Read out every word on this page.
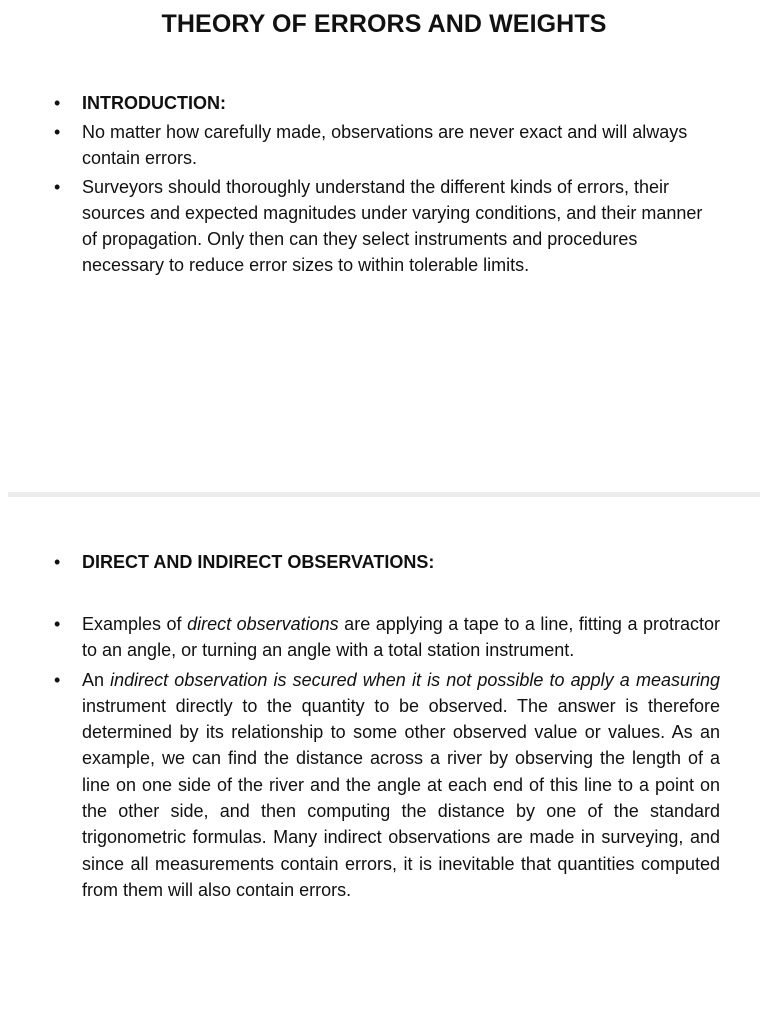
THEORY OF ERRORS AND WEIGHTS
• INTRODUCTION:
• No matter how carefully made, observations are never exact and will always contain errors.
• Surveyors should thoroughly understand the different kinds of errors, their sources and expected magnitudes under varying conditions, and their manner of propagation. Only then can they select instruments and procedures necessary to reduce error sizes to within tolerable limits.
• DIRECT AND INDIRECT OBSERVATIONS:
• Examples of direct observations are applying a tape to a line, fitting a protractor to an angle, or turning an angle with a total station instrument.
• An indirect observation is secured when it is not possible to apply a measuring instrument directly to the quantity to be observed. The answer is therefore determined by its relationship to some other observed value or values. As an example, we can find the distance across a river by observing the length of a line on one side of the river and the angle at each end of this line to a point on the other side, and then computing the distance by one of the standard trigonometric formulas. Many indirect observations are made in surveying, and since all measurements contain errors, it is inevitable that quantities computed from them will also contain errors.
